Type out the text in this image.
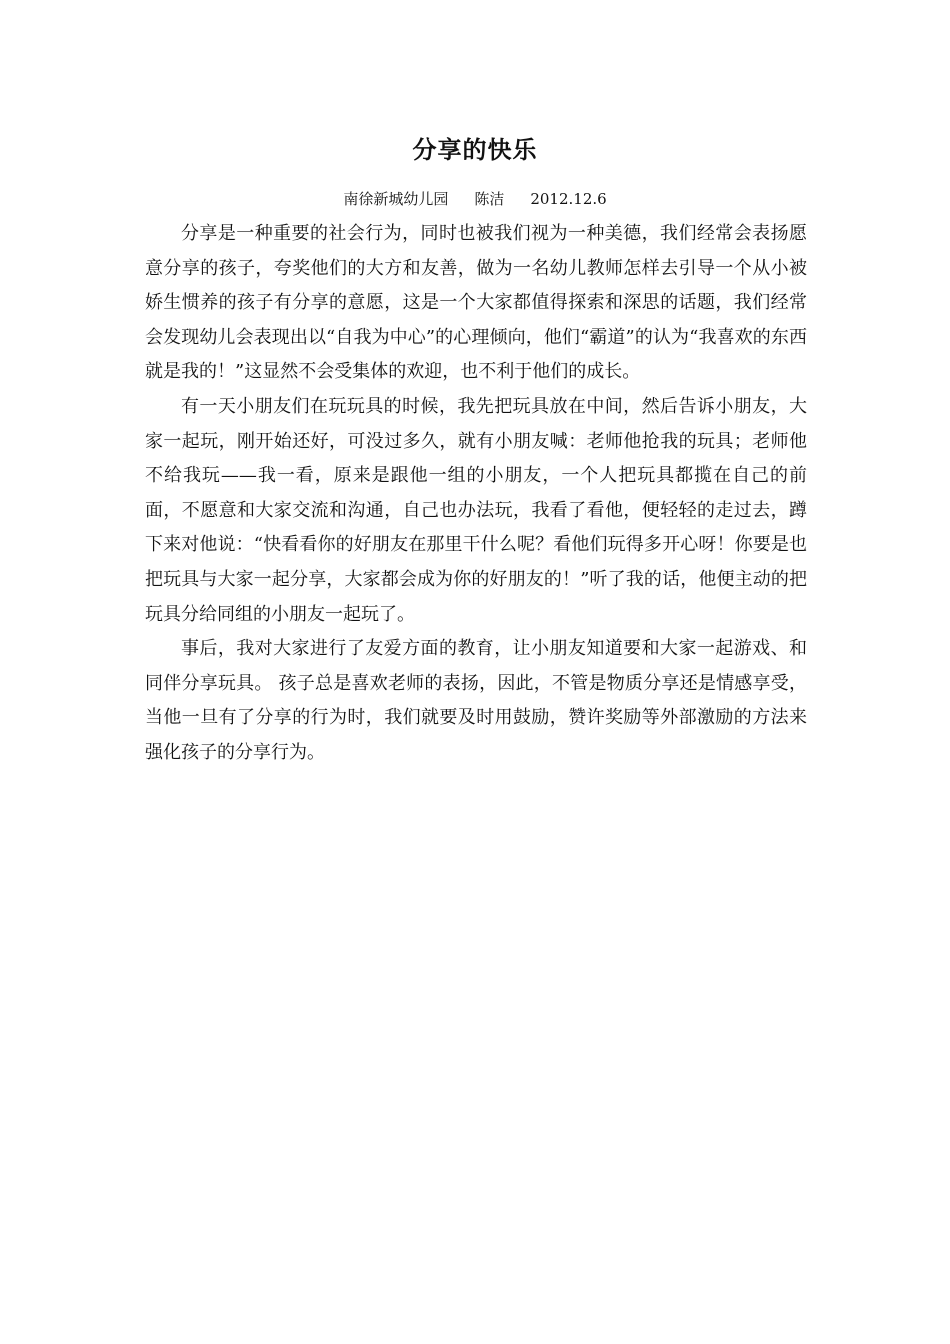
分享的快乐
南徐新城幼儿园 陈洁 2012.12.6

分享是一种重要的社会行为，同时也被我们视为一种美德，我们经常会表扬愿意分享的孩子，夸奖他们的大方和友善，做为一名幼儿教师怎样去引导一个从小被娇生惯养的孩子有分享的意愿，这是一个大家都值得探索和深思的话题，我们经常会发现幼儿会表现出以“自我为中心”的心理倾向，他们“霸道”的认为“我喜欢的东西就是我的！”这显然不会受集体的欢迎，也不利于他们的成长。

有一天小朋友们在玩玩具的时候，我先把玩具放在中间，然后告诉小朋友，大家一起玩，刚开始还好，可没过多久，就有小朋友喊：老师他抢我的玩具；老师他不给我玩——我一看，原来是跟他一组的小朋友，一个人把玩具都揽在自己的前面，不愿意和大家交流和沟通，自己也办法玩，我看了看他，便轻轻的走过去，蹲下来对他说：“快看看你的好朋友在那里干什么呢？看他们玩得多开心呀！你要是也把玩具与大家一起分享，大家都会成为你的好朋友的！”听了我的话，他便主动的把玩具分给同组的小朋友一起玩了。

事后，我对大家进行了友爱方面的教育，让小朋友知道要和大家一起游戏、和同伴分享玩具。 孩子总是喜欢老师的表扬，因此，不管是物质分享还是情感享受，当他一旦有了分享的行为时，我们就要及时用鼓励，赞许奖励等外部激励的方法来强化孩子的分享行为。
